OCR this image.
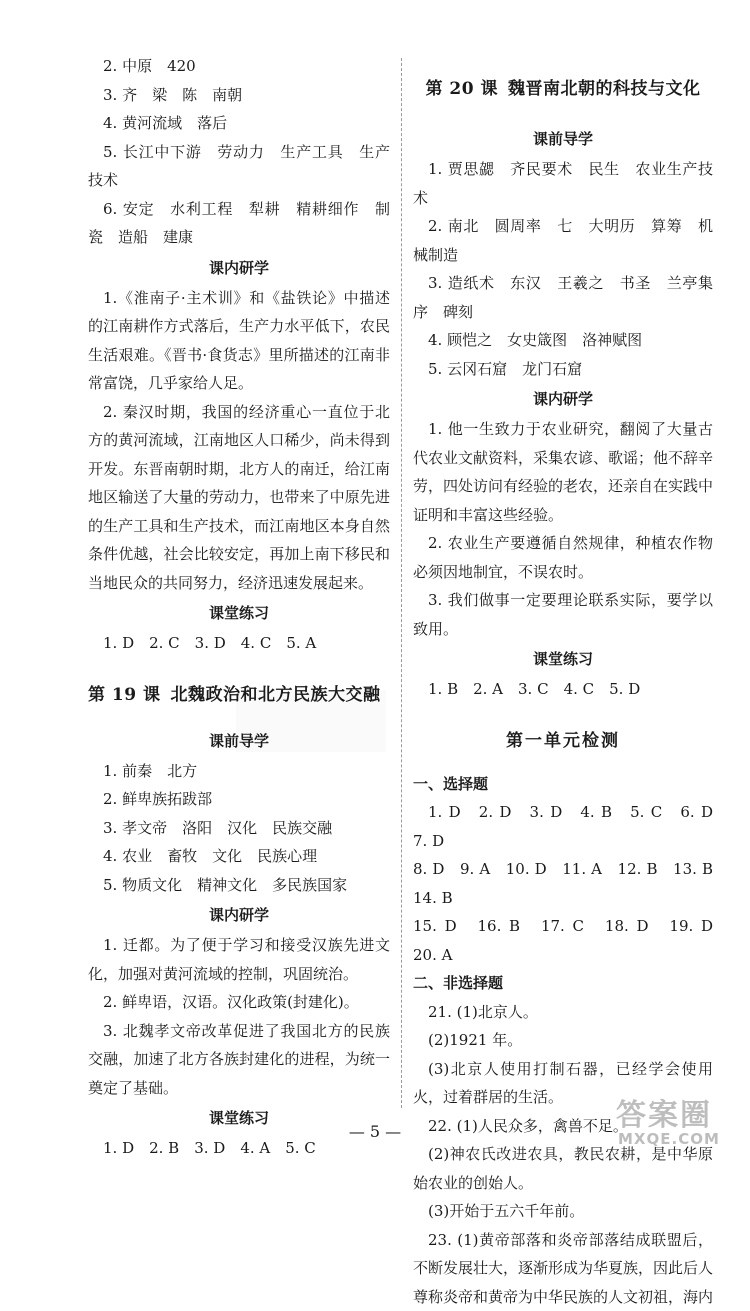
2. 中原　420

3. 齐　梁　陈　南朝

4. 黄河流域　落后

5. 长江中下游　劳动力　生产工具　生产技术

6. 安定　水利工程　犁耕　精耕细作　制瓷　造船　建康

课内研学

1.《淮南子·主术训》和《盐铁论》中描述的江南耕作方式落后，生产力水平低下，农民生活艰难。《晋书·食货志》里所描述的江南非常富饶，几乎家给人足。

2. 秦汉时期，我国的经济重心一直位于北方的黄河流域，江南地区人口稀少，尚未得到开发。东晋南朝时期，北方人的南迁，给江南地区输送了大量的劳动力，也带来了中原先进的生产工具和生产技术，而江南地区本身自然条件优越，社会比较安定，再加上南下移民和当地民众的共同努力，经济迅速发展起来。

课堂练习

1. D　2. C　3. D　4. C　5. A

第 19 课 北魏政治和北方民族大交融
课前导学

1. 前秦　北方

2. 鲜卑族拓跋部

3. 孝文帝　洛阳　汉化　民族交融

4. 农业　畜牧　文化　民族心理

5. 物质文化　精神文化　多民族国家

课内研学

1. 迁都。为了便于学习和接受汉族先进文化，加强对黄河流域的控制，巩固统治。

2. 鲜卑语，汉语。汉化政策(封建化)。

3. 北魏孝文帝改革促进了我国北方的民族交融，加速了北方各族封建化的进程，为统一奠定了基础。

课堂练习

1. D　2. B　3. D　4. A　5. C

第 20 课 魏晋南北朝的科技与文化
课前导学

1. 贾思勰　齐民要术　民生　农业生产技术

2. 南北　圆周率　七　大明历　算筹　机械制造

3. 造纸术　东汉　王羲之　书圣　兰亭集序　碑刻

4. 顾恺之　女史箴图　洛神赋图

5. 云冈石窟　龙门石窟

课内研学

1. 他一生致力于农业研究，翻阅了大量古代农业文献资料，采集农谚、歌谣；他不辞辛劳，四处访问有经验的老农，还亲自在实践中证明和丰富这些经验。

2. 农业生产要遵循自然规律，种植农作物必须因地制宜，不误农时。

3. 我们做事一定要理论联系实际，要学以致用。

课堂练习

1. B　2. A　3. C　4. C　5. D

第一单元检测

一、选择题

1. D　2. D　3. D　4. B　5. C　6. D　7. D

8. D　9. A　10. D　11. A　12. B　13. B　14. B

15. D　16. B　17. C　18. D　19. D　20. A

二、非选择题

21. (1)北京人。

(2)1921 年。

(3)北京人使用打制石器，已经学会使用火，过着群居的生活。

22. (1)人民众多，禽兽不足。

(2)神农氏改进农具，教民农耕，是中华原始农业的创始人。

(3)开始于五六千年前。

23. (1)黄帝部落和炎帝部落结成联盟后，不断发展壮大，逐渐形成为华夏族，因此后人尊称炎帝和黄帝为中华民族的人文初祖，海内

— 5 —	答案圈
MXQE.COM
